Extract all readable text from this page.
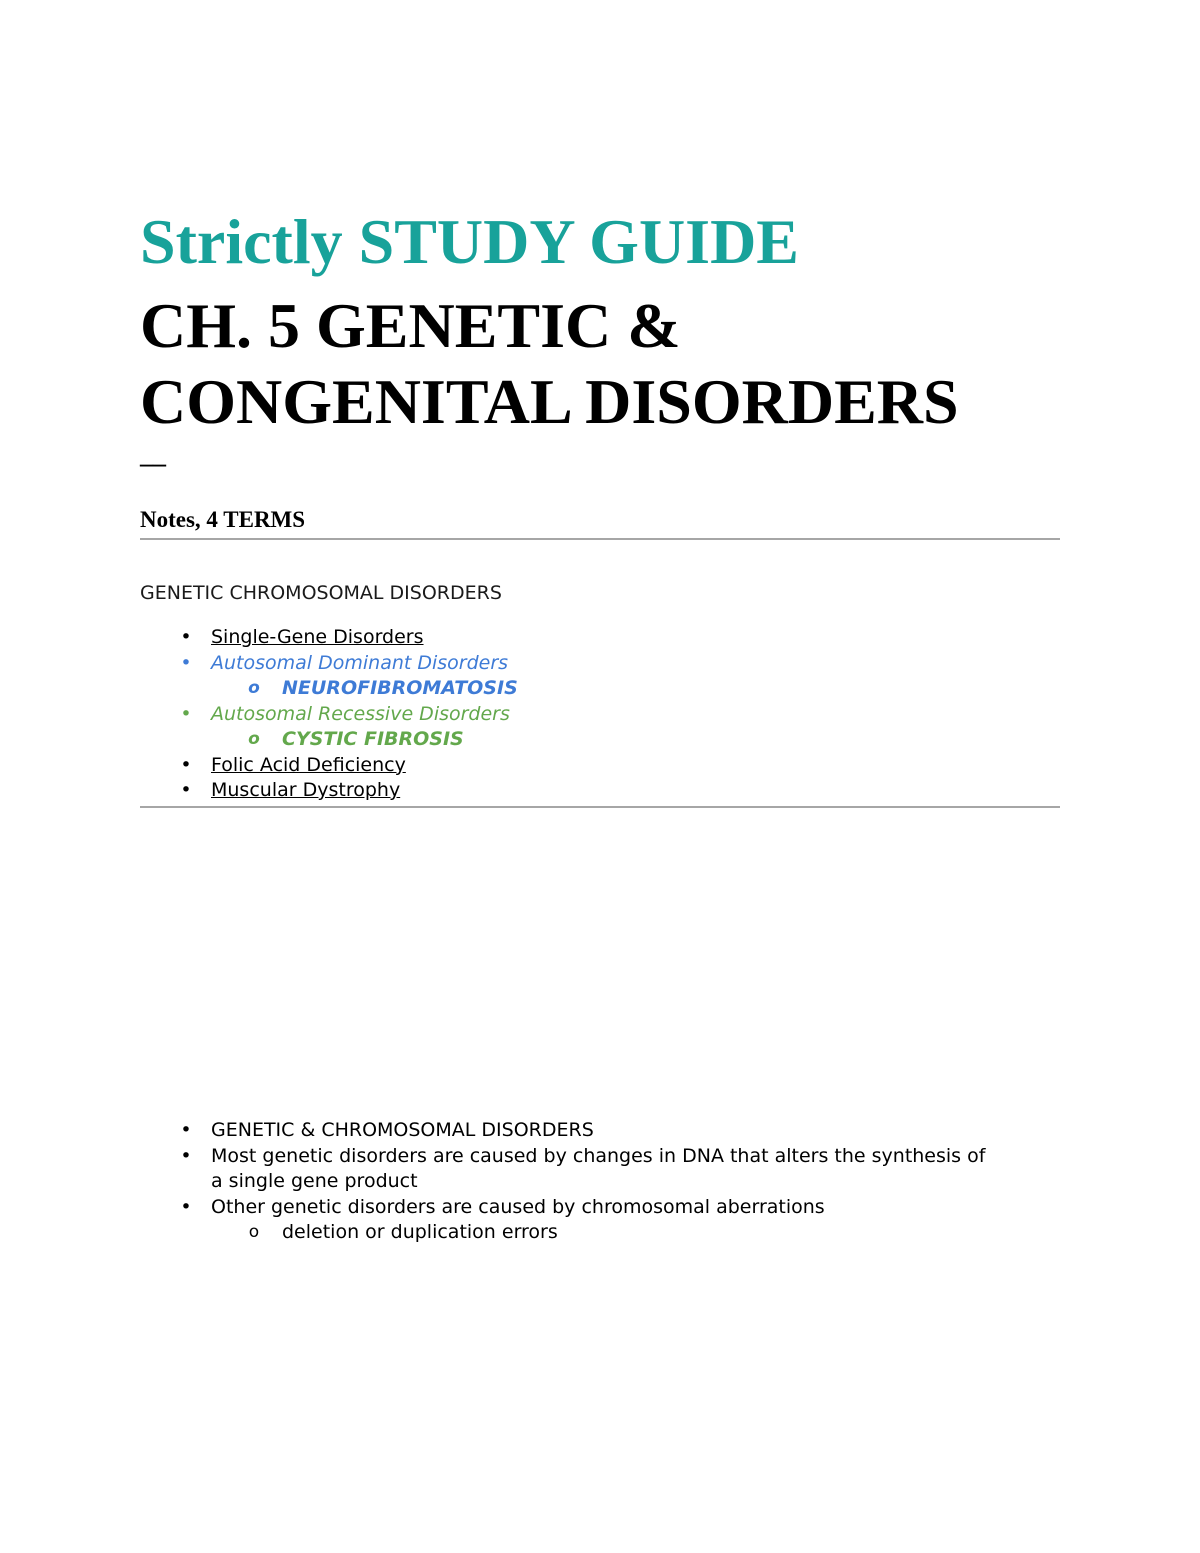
Strictly STUDY GUIDE
CH. 5 GENETIC &
CONGENITAL DISORDERS
__
Notes, 4 TERMS
GENETIC CHROMOSOMAL DISORDERS
• Single-Gene Disorders
• Autosomal Dominant Disorders
o NEUROFIBROMATOSIS
• Autosomal Recessive Disorders
o CYSTIC FIBROSIS
• Folic Acid Deficiency
• Muscular Dystrophy
• GENETIC & CHROMOSOMAL DISORDERS
• Most genetic disorders are caused by changes in DNA that alters the synthesis of a single gene product
• Other genetic disorders are caused by chromosomal aberrations
o deletion or duplication errors
